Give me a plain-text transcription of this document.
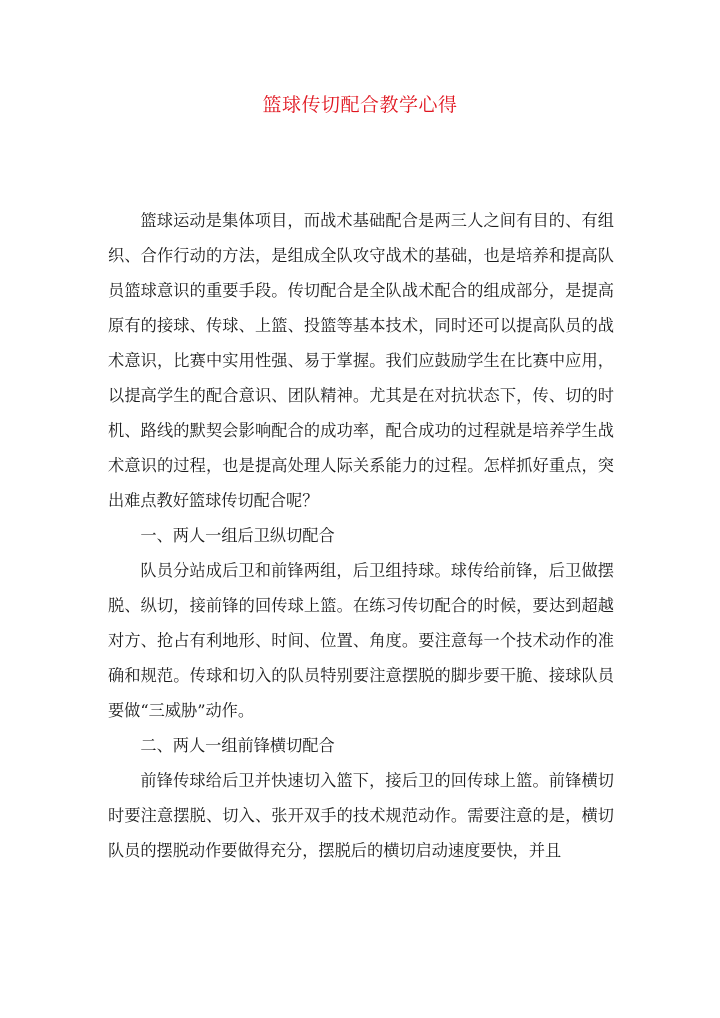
篮球传切配合教学心得

篮球运动是集体项目，而战术基础配合是两三人之间有目的、有组织、合作行动的方法，是组成全队攻守战术的基础，也是培养和提高队员篮球意识的重要手段。传切配合是全队战术配合的组成部分，是提高原有的接球、传球、上篮、投篮等基本技术，同时还可以提高队员的战术意识，比赛中实用性强、易于掌握。我们应鼓励学生在比赛中应用，以提高学生的配合意识、团队精神。尤其是在对抗状态下，传、切的时机、路线的默契会影响配合的成功率，配合成功的过程就是培养学生战术意识的过程，也是提高处理人际关系能力的过程。怎样抓好重点，突出难点教好篮球传切配合呢？

一、两人一组后卫纵切配合

队员分站成后卫和前锋两组，后卫组持球。球传给前锋，后卫做摆脱、纵切，接前锋的回传球上篮。在练习传切配合的时候，要达到超越对方、抢占有利地形、时间、位置、角度。要注意每一个技术动作的准确和规范。传球和切入的队员特别要注意摆脱的脚步要干脆、接球队员要做“三威胁”动作。

二、两人一组前锋横切配合

前锋传球给后卫并快速切入篮下，接后卫的回传球上篮。前锋横切时要注意摆脱、切入、张开双手的技术规范动作。需要注意的是，横切队员的摆脱动作要做得充分，摆脱后的横切启动速度要快，并且
